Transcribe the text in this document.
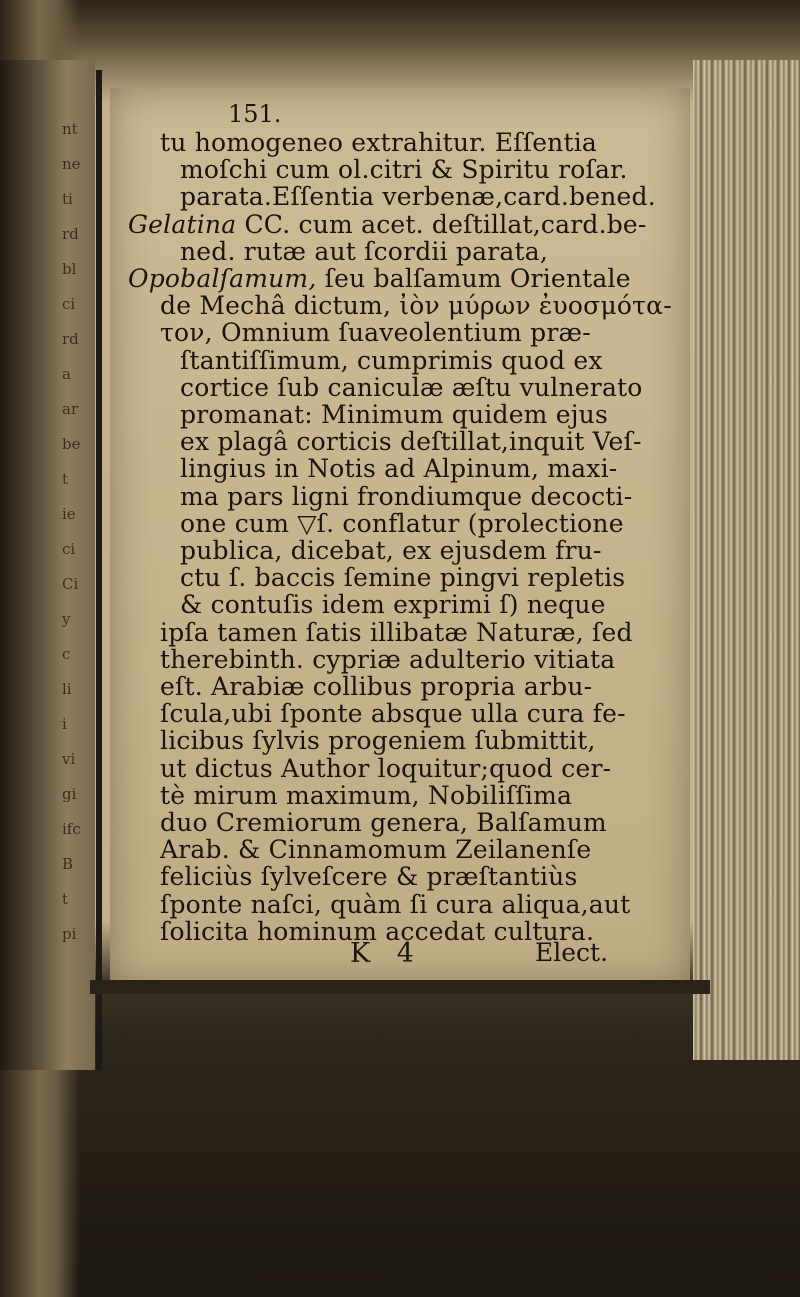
nt
ne
ti
rd
bl
ci
rd
a
ar
be
t
ie
ci
Ci
y
c
li
i
vi
gi
ifc
B
t
pi
151.
K 4	Elect.
tu homogeneo extrahitur. Eſſentia
moſchi cum ol.citri & Spiritu roſar.
parata.Eſſentia verbenæ,card.bened.
Gelatina CC. cum acet. deſtillat,card.be-
ned. rutæ aut ſcordii parata,
Opobalſamum, ſeu balſamum Orientale
de Mechâ dictum, ἰὸν μύρων ἐυοσμότα-
τον, Omnium ſuaveolentium præ-
ſtantiſſimum, cumprimis quod ex
cortice ſub caniculæ æſtu vulnerato
promanat: Minimum quidem ejus
ex plagâ corticis deſtillat,inquit Veſ-
lingius in Notis ad Alpinum, maxi-
ma pars ligni frondiumque decocti-
one cum ▽ſ. conflatur (prolectione
publica, dicebat, ex ejusdem fru-
ctu ſ. baccis ſemine pingvi repletis
& contuſis idem exprimi ſ) neque
ipſa tamen ſatis illibatæ Naturæ, ſed
therebinth. cypriæ adulterio vitiata
eſt. Arabiæ collibus propria arbu-
ſcula,ubi ſponte absque ulla cura fe-
licibus ſylvis progeniem ſubmittit,
ut dictus Author loquitur;quod cer-
tè mirum maximum, Nobiliſſima
duo Cremiorum genera, Balſamum
Arab. & Cinnamomum Zeilanenſe
feliciùs ſylveſcere & præſtantiùs
ſponte naſci, quàm ſi cura aliqua,aut
ſolicita hominum accedat cultura.
